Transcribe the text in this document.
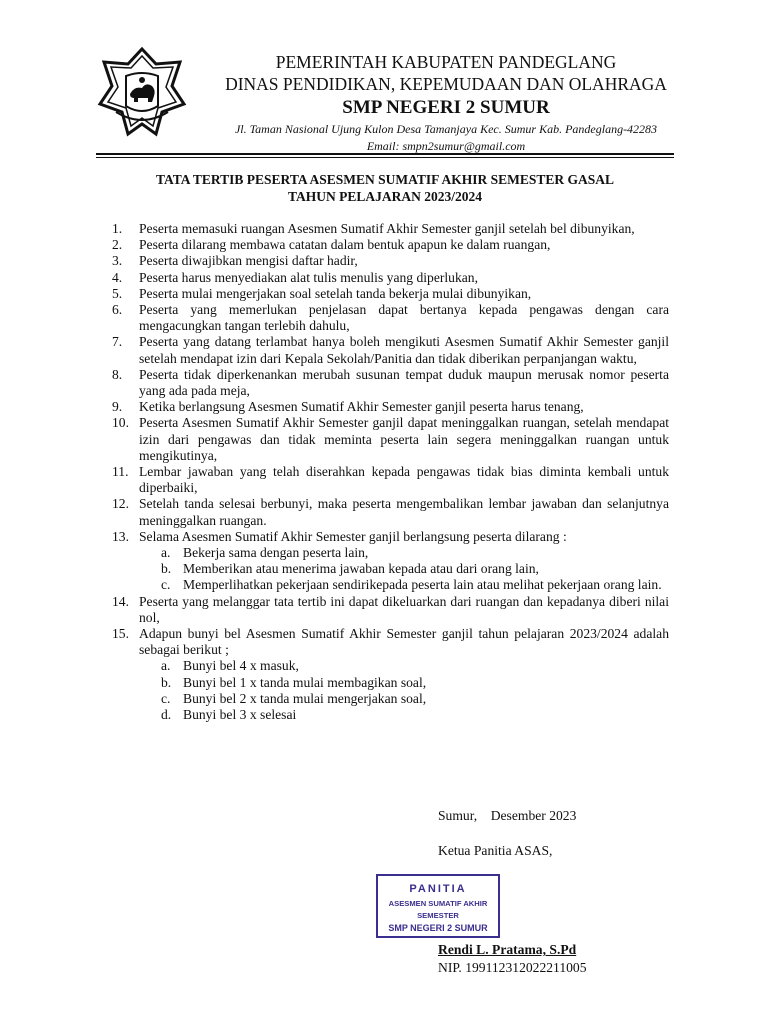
PEMERINTAH KABUPATEN PANDEGLANG
DINAS PENDIDIKAN, KEPEMUDAAN DAN OLAHRAGA
SMP NEGERI 2 SUMUR
Jl. Taman Nasional Ujung Kulon Desa Tamanjaya Kec. Sumur Kab. Pandeglang-42283
Email: smpn2sumur@gmail.com
TATA TERTIB PESERTA ASESMEN SUMATIF AKHIR SEMESTER GASAL
TAHUN PELAJARAN 2023/2024
1.	Peserta memasuki ruangan Asesmen Sumatif Akhir Semester ganjil setelah bel dibunyikan,
2.	Peserta dilarang membawa catatan dalam bentuk apapun ke dalam ruangan,
3.	Peserta diwajibkan mengisi daftar hadir,
4.	Peserta harus menyediakan alat tulis menulis yang diperlukan,
5.	Peserta mulai mengerjakan soal setelah tanda bekerja mulai dibunyikan,
6.	Peserta yang memerlukan penjelasan dapat bertanya kepada pengawas dengan cara mengacungkan tangan terlebih dahulu,
7.	Peserta yang datang terlambat hanya boleh mengikuti Asesmen Sumatif Akhir Semester ganjil setelah mendapat izin dari Kepala Sekolah/Panitia dan tidak diberikan perpanjangan waktu,
8.	Peserta tidak diperkenankan merubah susunan tempat duduk maupun merusak nomor peserta yang ada pada meja,
9.	Ketika berlangsung Asesmen Sumatif Akhir Semester ganjil peserta harus tenang,
10. Peserta Asesmen Sumatif Akhir Semester ganjil dapat meninggalkan ruangan, setelah mendapat izin dari pengawas dan tidak meminta peserta lain segera meninggalkan ruangan untuk mengikutinya,
11. Lembar jawaban yang telah diserahkan kepada pengawas tidak bias diminta kembali untuk diperbaiki,
12. Setelah tanda selesai berbunyi, maka peserta mengembalikan lembar jawaban dan selanjutnya meninggalkan ruangan.
13. Selama Asesmen Sumatif Akhir Semester ganjil berlangsung peserta dilarang :
a. Bekerja sama dengan peserta lain,
b. Memberikan atau menerima jawaban kepada atau dari orang lain,
c. Memperlihatkan pekerjaan sendirikepada peserta lain atau melihat pekerjaan orang lain.
14. Peserta yang melanggar tata tertib ini dapat dikeluarkan dari ruangan dan kepadanya diberi nilai nol,
15. Adapun bunyi bel Asesmen Sumatif Akhir Semester ganjil tahun pelajaran 2023/2024 adalah sebagai berikut ;
a. Bunyi bel 4 x masuk,
b. Bunyi bel 1 x tanda mulai membagikan soal,
c. Bunyi bel 2 x tanda mulai mengerjakan soal,
d. Bunyi bel 3 x selesai
Sumur,    Desember 2023
Ketua Panitia ASAS,
PANITIA
ASESMEN SUMATIF AKHIR SEMESTER
SMP NEGERI 2 SUMUR
Rendi L. Pratama, S.Pd
NIP. 199112312022211005
